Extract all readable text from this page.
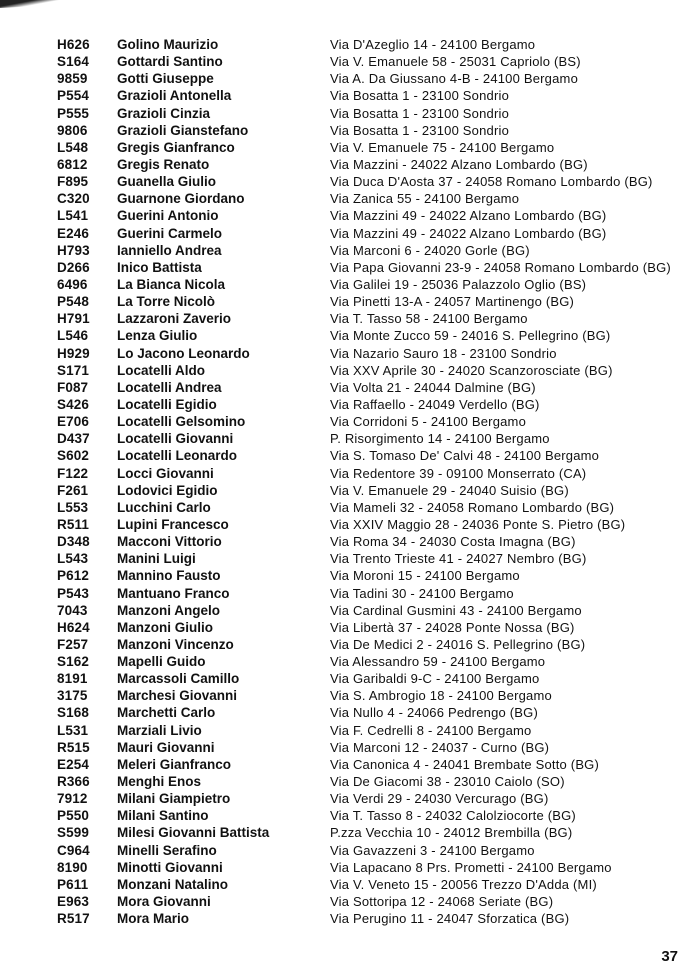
H626	Golino Maurizio	Via D'Azeglio 14 - 24100 Bergamo
S164	Gottardi Santino	Via V. Emanuele 58 - 25031 Capriolo (BS)
9859	Gotti Giuseppe	Via A. Da Giussano 4-B - 24100 Bergamo
P554	Grazioli Antonella	Via Bosatta 1 - 23100 Sondrio
P555	Grazioli Cinzia	Via Bosatta 1 - 23100 Sondrio
9806	Grazioli Gianstefano	Via Bosatta 1 - 23100 Sondrio
L548	Gregis Gianfranco	Via V. Emanuele 75 - 24100 Bergamo
6812	Gregis Renato	Via Mazzini - 24022 Alzano Lombardo (BG)
F895	Guanella Giulio	Via Duca D'Aosta 37 - 24058 Romano Lombardo (BG)
C320	Guarnone Giordano	Via Zanica 55 - 24100 Bergamo
L541	Guerini Antonio	Via Mazzini 49 - 24022 Alzano Lombardo (BG)
E246	Guerini Carmelo	Via Mazzini 49 - 24022 Alzano Lombardo (BG)
H793	Ianniello Andrea	Via Marconi 6 - 24020 Gorle (BG)
D266	Inico Battista	Via Papa Giovanni 23-9 - 24058 Romano Lombardo (BG)
6496	La Bianca Nicola	Via Galilei 19 - 25036 Palazzolo Oglio (BS)
P548	La Torre Nicolò	Via Pinetti 13-A - 24057 Martinengo (BG)
H791	Lazzaroni Zaverio	Via T. Tasso 58 - 24100 Bergamo
L546	Lenza Giulio	Via Monte Zucco 59 - 24016 S. Pellegrino (BG)
H929	Lo Jacono Leonardo	Via Nazario Sauro 18 - 23100 Sondrio
S171	Locatelli Aldo	Via XXV Aprile 30 - 24020 Scanzorosciate (BG)
F087	Locatelli Andrea	Via Volta 21 - 24044 Dalmine (BG)
S426	Locatelli Egidio	Via Raffaello - 24049 Verdello (BG)
E706	Locatelli Gelsomino	Via Corridoni 5 - 24100 Bergamo
D437	Locatelli Giovanni	P. Risorgimento 14 - 24100 Bergamo
S602	Locatelli Leonardo	Via S. Tomaso De' Calvi 48 - 24100 Bergamo
F122	Locci Giovanni	Via Redentore 39 - 09100 Monserrato (CA)
F261	Lodovici Egidio	Via V. Emanuele 29 - 24040 Suisio (BG)
L553	Lucchini Carlo	Via Mameli 32 - 24058 Romano Lombardo (BG)
R511	Lupini Francesco	Via XXIV Maggio 28 - 24036 Ponte S. Pietro (BG)
D348	Macconi Vittorio	Via Roma 34 - 24030 Costa Imagna (BG)
L543	Manini Luigi	Via Trento Trieste 41 - 24027 Nembro (BG)
P612	Mannino Fausto	Via Moroni 15 - 24100 Bergamo
P543	Mantuano Franco	Via Tadini 30 - 24100 Bergamo
7043	Manzoni Angelo	Via Cardinal Gusmini 43 - 24100 Bergamo
H624	Manzoni Giulio	Via Libertà 37 - 24028 Ponte Nossa (BG)
F257	Manzoni Vincenzo	Via De Medici 2 - 24016 S. Pellegrino (BG)
S162	Mapelli Guido	Via Alessandro 59 - 24100 Bergamo
8191	Marcassoli Camillo	Via Garibaldi 9-C - 24100 Bergamo
3175	Marchesi Giovanni	Via S. Ambrogio 18 - 24100 Bergamo
S168	Marchetti Carlo	Via Nullo 4 - 24066 Pedrengo (BG)
L531	Marziali Livio	Via F. Cedrelli 8 - 24100 Bergamo
R515	Mauri Giovanni	Via Marconi 12 - 24037 - Curno (BG)
E254	Meleri Gianfranco	Via Canonica 4 - 24041 Brembate Sotto (BG)
R366	Menghi Enos	Via De Giacomi 38 - 23010 Caiolo (SO)
7912	Milani Giampietro	Via Verdi 29 - 24030 Vercurago (BG)
P550	Milani Santino	Via T. Tasso 8 - 24032 Calolziocorte (BG)
S599	Milesi Giovanni Battista	P.zza Vecchia 10 - 24012 Brembilla (BG)
C964	Minelli Serafino	Via Gavazzeni 3 - 24100 Bergamo
8190	Minotti Giovanni	Via Lapacano 8 Prs. Prometti - 24100 Bergamo
P611	Monzani Natalino	Via V. Veneto 15 - 20056 Trezzo D'Adda (MI)
E963	Mora Giovanni	Via Sottoripa 12 - 24068 Seriate (BG)
R517	Mora Mario	Via Perugino 11 - 24047 Sforzatica (BG)
37
